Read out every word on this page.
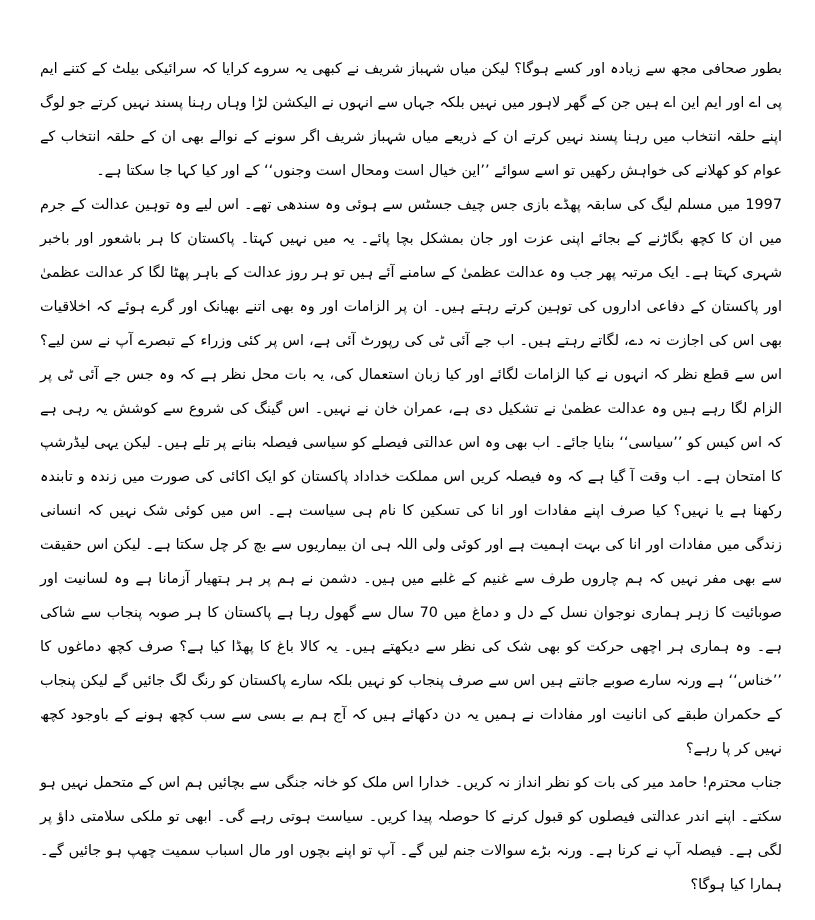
بطور صحافی مجھ سے زیادہ اور کسے ہوگا؟ لیکن میاں شہباز شریف نے کبھی یہ سروے کرایا کہ سرائیکی بیلٹ کے کتنے ایم پی اے اور ایم این اے ہیں جن کے گھر لاہور میں نہیں بلکہ جہاں سے انہوں نے الیکشن لڑا وہاں رہنا پسند نہیں کرتے جو لوگ اپنے حلقہ انتخاب میں رہنا پسند نہیں کرتے ان کے ذریعے میاں شہباز شریف اگر سونے کے نوالے بھی ان کے حلقہ انتخاب کے عوام کو کھلانے کی خواہش رکھیں تو اسے سوائے ’’این خیال است ومحال است وجنوں‘‘ کے اور کیا کہا جا سکتا ہے۔

1997 میں مسلم لیگ کی سابقہ پھڈے بازی جس چیف جسٹس سے ہوئی وہ سندھی تھے۔ اس لیے وہ توہین عدالت کے جرم میں ان کا کچھ بگاڑنے کے بجائے اپنی عزت اور جان بمشکل بچا پائے۔ یہ میں نہیں کہتا۔ پاکستان کا ہر باشعور اور باخبر شہری کہتا ہے۔ ایک مرتبہ پھر جب وہ عدالت عظمیٰ کے سامنے آئے ہیں تو ہر روز عدالت کے باہر پھٹا لگا کر عدالت عظمیٰ اور پاکستان کے دفاعی اداروں کی توہین کرتے رہتے ہیں۔ ان پر الزامات اور وہ بھی اتنے بھیانک اور گرے ہوئے کہ اخلاقیات بھی اس کی اجازت نہ دے، لگاتے رہتے ہیں۔ اب جے آئی ٹی کی رپورٹ آئی ہے، اس پر کئی وزراء کے تبصرے آپ نے سن لیے؟ اس سے قطع نظر کہ انہوں نے کیا الزامات لگائے اور کیا زبان استعمال کی، یہ بات محل نظر ہے کہ وہ جس جے آئی ٹی پر الزام لگا رہے ہیں وہ عدالت عظمیٰ نے تشکیل دی ہے، عمران خان نے نہیں۔ اس گینگ کی شروع سے کوشش یہ رہی ہے کہ اس کیس کو ’’سیاسی‘‘ بنایا جائے۔ اب بھی وہ اس عدالتی فیصلے کو سیاسی فیصلہ بنانے پر تلے ہیں۔ لیکن یہی لیڈرشپ کا امتحان ہے۔ اب وقت آ گیا ہے کہ وہ فیصلہ کریں اس مملکت خداداد پاکستان کو ایک اکائی کی صورت میں زندہ و تابندہ رکھنا ہے یا نہیں؟ کیا صرف اپنے مفادات اور انا کی تسکین کا نام ہی سیاست ہے۔ اس میں کوئی شک نہیں کہ انسانی زندگی میں مفادات اور انا کی بہت اہمیت ہے اور کوئی ولی اللہ ہی ان بیماریوں سے بچ کر چل سکتا ہے۔ لیکن اس حقیقت سے بھی مفر نہیں کہ ہم چاروں طرف سے غنیم کے غلبے میں ہیں۔ دشمن نے ہم پر ہر ہتھیار آزمانا ہے وہ لسانیت اور صوبائیت کا زہر ہماری نوجوان نسل کے دل و دماغ میں 70 سال سے گھول رہا ہے پاکستان کا ہر صوبہ پنجاب سے شاکی ہے۔ وہ ہماری ہر اچھی حرکت کو بھی شک کی نظر سے دیکھتے ہیں۔ یہ کالا باغ کا پھڈا کیا ہے؟ صرف کچھ دماغوں کا ’’خناس‘‘ ہے ورنہ سارے صوبے جانتے ہیں اس سے صرف پنجاب کو نہیں بلکہ سارے پاکستان کو رنگ لگ جائیں گے لیکن پنجاب کے حکمران طبقے کی انانیت اور مفادات نے ہمیں یہ دن دکھائے ہیں کہ آج ہم بے بسی سے سب کچھ ہونے کے باوجود کچھ نہیں کر پا رہے؟

جناب محترم! حامد میر کی بات کو نظر انداز نہ کریں۔ خدارا اس ملک کو خانہ جنگی سے بچائیں ہم اس کے متحمل نہیں ہو سکتے۔ اپنے اندر عدالتی فیصلوں کو قبول کرنے کا حوصلہ پیدا کریں۔ سیاست ہوتی رہے گی۔ ابھی تو ملکی سلامتی داؤ پر لگی ہے۔ فیصلہ آپ نے کرنا ہے۔ ورنہ بڑے سوالات جنم لیں گے۔ آپ تو اپنے بچوں اور مال اسباب سمیت چھپ ہو جائیں گے۔ ہمارا کیا ہوگا؟
